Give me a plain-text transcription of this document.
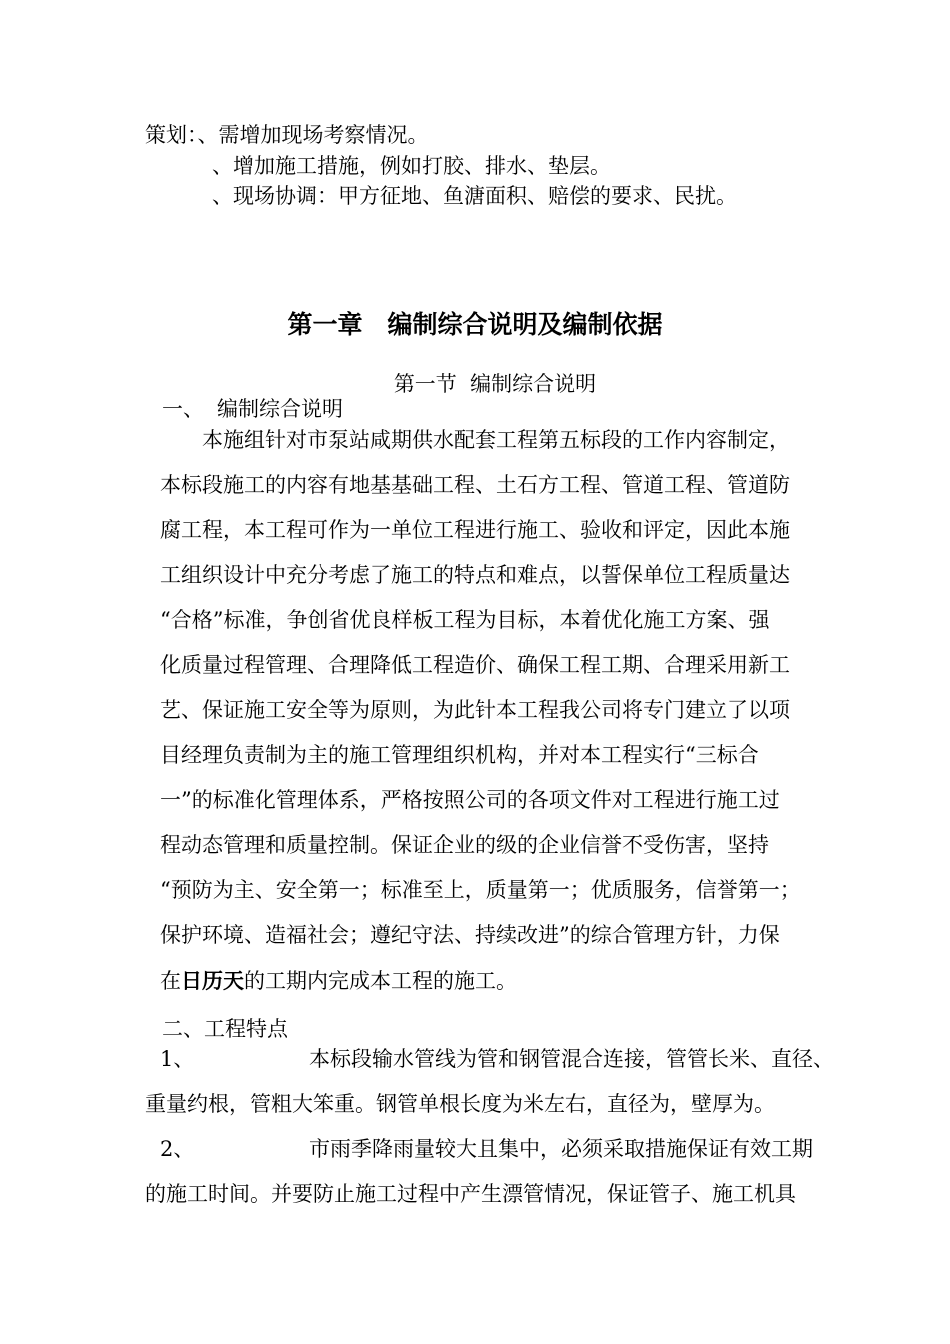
策划：、需增加现场考察情况。
、增加施工措施，例如打胶、排水、垫层。
、现场协调：甲方征地、鱼溏面积、赔偿的要求、民扰。
第一章　编制综合说明及编制依据
第一节  编制综合说明
一、 编制综合说明
　　本施组针对市泵站咸期供水配套工程第五标段的工作内容制定，
本标段施工的内容有地基基础工程、土石方工程、管道工程、管道防
腐工程，本工程可作为一单位工程进行施工、验收和评定，因此本施
工组织设计中充分考虑了施工的特点和难点，以誓保单位工程质量达
“合格”标准，争创省优良样板工程为目标，本着优化施工方案、强
化质量过程管理、合理降低工程造价、确保工程工期、合理采用新工
艺、保证施工安全等为原则，为此针本工程我公司将专门建立了以项
目经理负责制为主的施工管理组织机构，并对本工程实行“三标合
一”的标准化管理体系，严格按照公司的各项文件对工程进行施工过
程动态管理和质量控制。保证企业的级的企业信誉不受伤害，坚持
“预防为主、安全第一；标准至上，质量第一；优质服务，信誉第一；
保护环境、造福社会；遵纪守法、持续改进”的综合管理方针，力保
在日历天的工期内完成本工程的施工。
二、工程特点
1、	本标段输水管线为管和钢管混合连接，管管长米、直径、
重量约根，管粗大笨重。钢管单根长度为米左右，直径为，壁厚为。
2、	市雨季降雨量较大且集中，必须采取措施保证有效工期
的施工时间。并要防止施工过程中产生漂管情况，保证管子、施工机具
